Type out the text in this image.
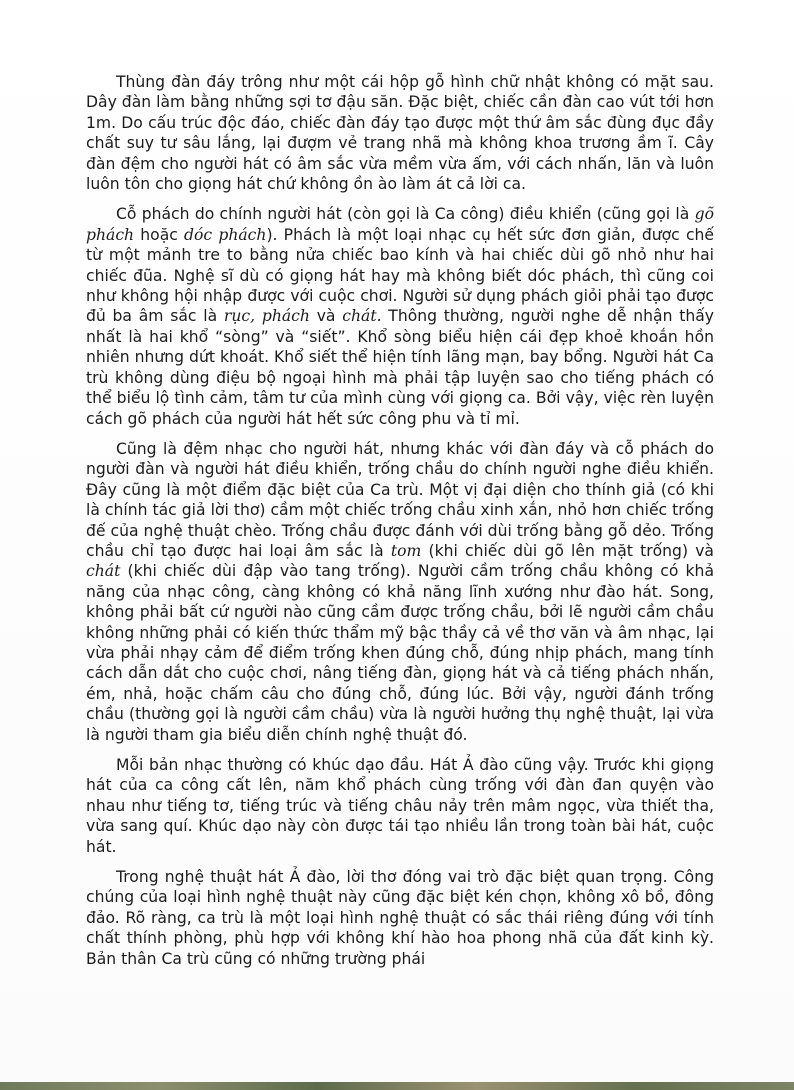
Thùng đàn đáy trông như một cái hộp gỗ hình chữ nhật không có mặt sau. Dây đàn làm bằng những sợi tơ đậu săn. Đặc biệt, chiếc cần đàn cao vút tới hơn 1m. Do cấu trúc độc đáo, chiếc đàn đáy tạo được một thứ âm sắc đùng đục đầy chất suy tư sâu lắng, lại đượm vẻ trang nhã mà không khoa trương ầm ĩ. Cây đàn đệm cho người hát có âm sắc vừa mềm vừa ấm, với cách nhấn, lăn và luôn luôn tôn cho giọng hát chứ không ồn ào làm át cả lời ca.

Cỗ phách do chính người hát (còn gọi là Ca công) điều khiển (cũng gọi là gõ phách hoặc dóc phách). Phách là một loại nhạc cụ hết sức đơn giản, được chế từ một mảnh tre to bằng nửa chiếc bao kính và hai chiếc dùi gõ nhỏ như hai chiếc đũa. Nghệ sĩ dù có giọng hát hay mà không biết dóc phách, thì cũng coi như không hội nhập được với cuộc chơi. Người sử dụng phách giỏi phải tạo được đủ ba âm sắc là rục, phách và chát. Thông thường, người nghe dễ nhận thấy nhất là hai khổ “sòng” và “siết”. Khổ sòng biểu hiện cái đẹp khoẻ khoắn hồn nhiên nhưng dứt khoát. Khổ siết thể hiện tính lãng mạn, bay bổng. Người hát Ca trù không dùng điệu bộ ngoại hình mà phải tập luyện sao cho tiếng phách có thể biểu lộ tình cảm, tâm tư của mình cùng với giọng ca. Bởi vậy, việc rèn luyện cách gõ phách của người hát hết sức công phu và tỉ mỉ.

Cũng là đệm nhạc cho người hát, nhưng khác với đàn đáy và cỗ phách do người đàn và người hát điều khiển, trống chầu do chính người nghe điều khiển. Đây cũng là một điểm đặc biệt của Ca trù. Một vị đại diện cho thính giả (có khi là chính tác giả lời thơ) cầm một chiếc trống chầu xinh xắn, nhỏ hơn chiếc trống đế của nghệ thuật chèo. Trống chầu được đánh với dùi trống bằng gỗ dẻo. Trống chầu chỉ tạo được hai loại âm sắc là tom (khi chiếc dùi gõ lên mặt trống) và chát (khi chiếc dùi đập vào tang trống). Người cầm trống chầu không có khả năng của nhạc công, càng không có khả năng lĩnh xướng như đào hát. Song, không phải bất cứ người nào cũng cầm được trống chầu, bởi lẽ người cầm chầu không những phải có kiến thức thẩm mỹ bậc thầy cả về thơ văn và âm nhạc, lại vừa phải nhạy cảm để điểm trống khen đúng chỗ, đúng nhịp phách, mang tính cách dẫn dắt cho cuộc chơi, nâng tiếng đàn, giọng hát và cả tiếng phách nhấn, ém, nhả, hoặc chấm câu cho đúng chỗ, đúng lúc. Bởi vậy, người đánh trống chầu (thường gọi là người cầm chầu) vừa là người hưởng thụ nghệ thuật, lại vừa là người tham gia biểu diễn chính nghệ thuật đó.

Mỗi bản nhạc thường có khúc dạo đầu. Hát Ả đào cũng vậy. Trước khi giọng hát của ca công cất lên, năm khổ phách cùng trống với đàn đan quyện vào nhau như tiếng tơ, tiếng trúc và tiếng châu nảy trên mâm ngọc, vừa thiết tha, vừa sang quí. Khúc dạo này còn được tái tạo nhiều lần trong toàn bài hát, cuộc hát.

Trong nghệ thuật hát Ả đào, lời thơ đóng vai trò đặc biệt quan trọng. Công chúng của loại hình nghệ thuật này cũng đặc biệt kén chọn, không xô bồ, đông đảo. Rõ ràng, ca trù là một loại hình nghệ thuật có sắc thái riêng đúng với tính chất thính phòng, phù hợp với không khí hào hoa phong nhã của đất kinh kỳ. Bản thân Ca trù cũng có những trường phái
